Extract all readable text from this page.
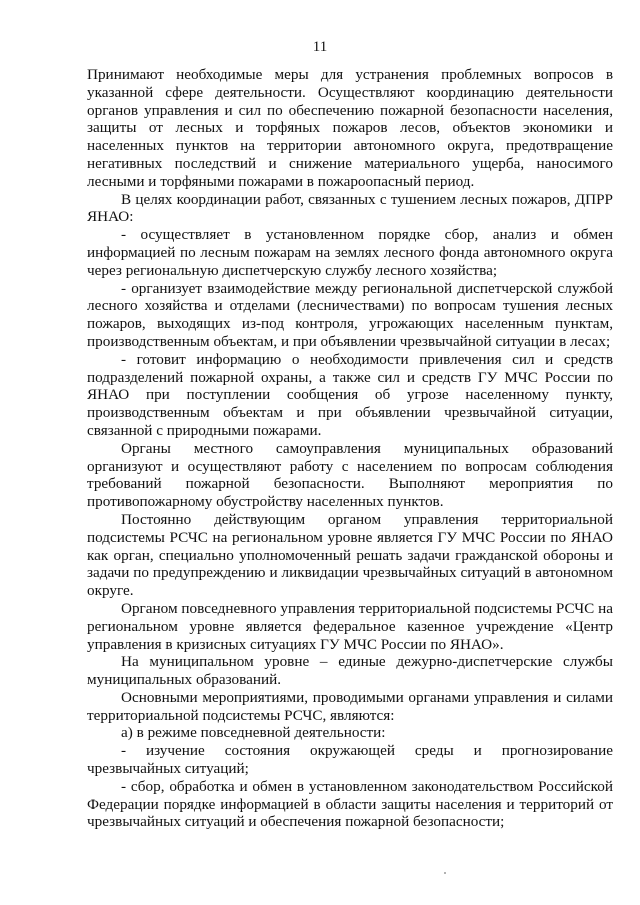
11

Принимают необходимые меры для устранения проблемных вопросов в указанной сфере деятельности. Осуществляют координацию деятельности органов управления и сил по обеспечению пожарной безопасности населения, защиты от лесных и торфяных пожаров лесов, объектов экономики и населенных пунктов на территории автономного округа, предотвращение негативных последствий и снижение материального ущерба, наносимого лесными и торфяными пожарами в пожароопасный период.

В целях координации работ, связанных с тушением лесных пожаров, ДПРР ЯНАО:

- осуществляет в установленном порядке сбор, анализ и обмен информацией по лесным пожарам на землях лесного фонда автономного округа через региональную диспетчерскую службу лесного хозяйства;

- организует взаимодействие между региональной диспетчерской службой лесного хозяйства и отделами (лесничествами) по вопросам тушения лесных пожаров, выходящих из-под контроля, угрожающих населенным пунктам, производственным объектам, и при объявлении чрезвычайной ситуации в лесах;

- готовит информацию о необходимости привлечения сил и средств подразделений пожарной охраны, а также сил и средств ГУ МЧС России по ЯНАО при поступлении сообщения об угрозе населенному пункту, производственным объектам и при объявлении чрезвычайной ситуации, связанной с природными пожарами.

Органы местного самоуправления муниципальных образований организуют и осуществляют работу с населением по вопросам соблюдения требований пожарной безопасности. Выполняют мероприятия по противопожарному обустройству населенных пунктов.

Постоянно действующим органом управления территориальной подсистемы РСЧС на региональном уровне является ГУ МЧС России по ЯНАО как орган, специально уполномоченный решать задачи гражданской обороны и задачи по предупреждению и ликвидации чрезвычайных ситуаций в автономном округе.

Органом повседневного управления территориальной подсистемы РСЧС на региональном уровне является федеральное казенное учреждение «Центр управления в кризисных ситуациях ГУ МЧС России по ЯНАО».

На муниципальном уровне – единые дежурно-диспетчерские службы муниципальных образований.

Основными мероприятиями, проводимыми органами управления и силами территориальной подсистемы РСЧС, являются:

а) в режиме повседневной деятельности:

- изучение состояния окружающей среды и прогнозирование чрезвычайных ситуаций;

- сбор, обработка и обмен в установленном законодательством Российской Федерации порядке информацией в области защиты населения и территорий от чрезвычайных ситуаций и обеспечения пожарной безопасности;
